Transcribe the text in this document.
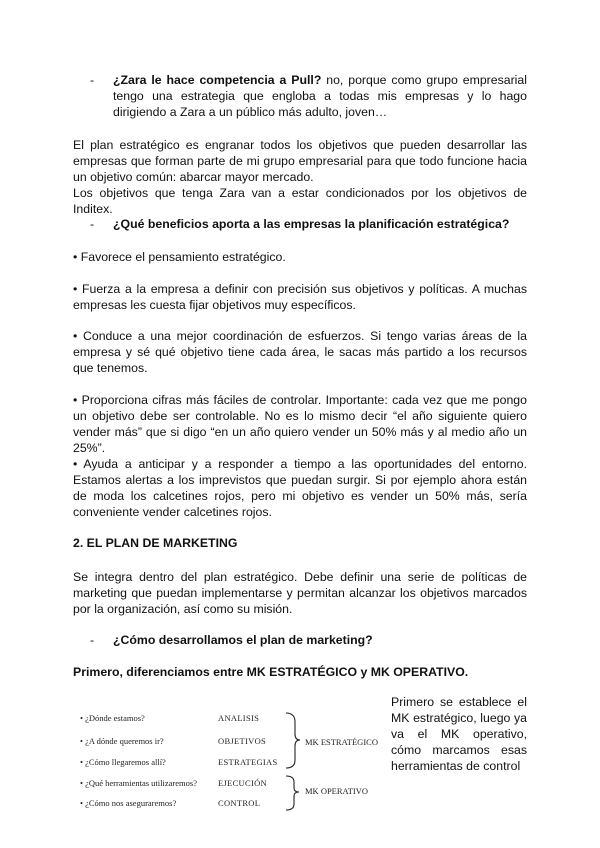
- ¿Zara le hace competencia a Pull? no, porque como grupo empresarial tengo una estrategia que engloba a todas mis empresas y lo hago dirigiendo a Zara a un público más adulto, joven…
El plan estratégico es engranar todos los objetivos que pueden desarrollar las empresas que forman parte de mi grupo empresarial para que todo funcione hacia un objetivo común: abarcar mayor mercado.
Los objetivos que tenga Zara van a estar condicionados por los objetivos de Inditex.
- ¿Qué beneficios aporta a las empresas la planificación estratégica?
• Favorece el pensamiento estratégico.
• Fuerza a la empresa a definir con precisión sus objetivos y políticas. A muchas empresas les cuesta fijar objetivos muy específicos.
• Conduce a una mejor coordinación de esfuerzos. Si tengo varias áreas de la empresa y sé qué objetivo tiene cada área, le sacas más partido a los recursos que tenemos.
• Proporciona cifras más fáciles de controlar. Importante: cada vez que me pongo un objetivo debe ser controlable. No es lo mismo decir “el año siguiente quiero vender más” que si digo “en un año quiero vender un 50% más y al medio año un 25%”.
• Ayuda a anticipar y a responder a tiempo a las oportunidades del entorno. Estamos alertas a los imprevistos que puedan surgir. Si por ejemplo ahora están de moda los calcetines rojos, pero mi objetivo es vender un 50% más, sería conveniente vender calcetines rojos.
2. EL PLAN DE MARKETING
Se integra dentro del plan estratégico. Debe definir una serie de políticas de marketing que puedan implementarse y permitan alcanzar los objetivos marcados por la organización, así como su misión.
- ¿Cómo desarrollamos el plan de marketing?
Primero, diferenciamos entre MK ESTRATÉGICO y MK OPERATIVO.
Primero se establece el MK estratégico, luego ya va el MK operativo, cómo marcamos esas herramientas de control
• ¿Dónde estamos?	ANALISIS
• ¿A dónde queremos ir?	OBJETIVOS
• ¿Cómo llegaremos allí?	ESTRATEGIAS
• ¿Qué herramientas utilizaremos? EJECUCIÓN
• ¿Cómo nos aseguraremos?	CONTROL
MK ESTRATÉGICO
MK OPERATIVO
